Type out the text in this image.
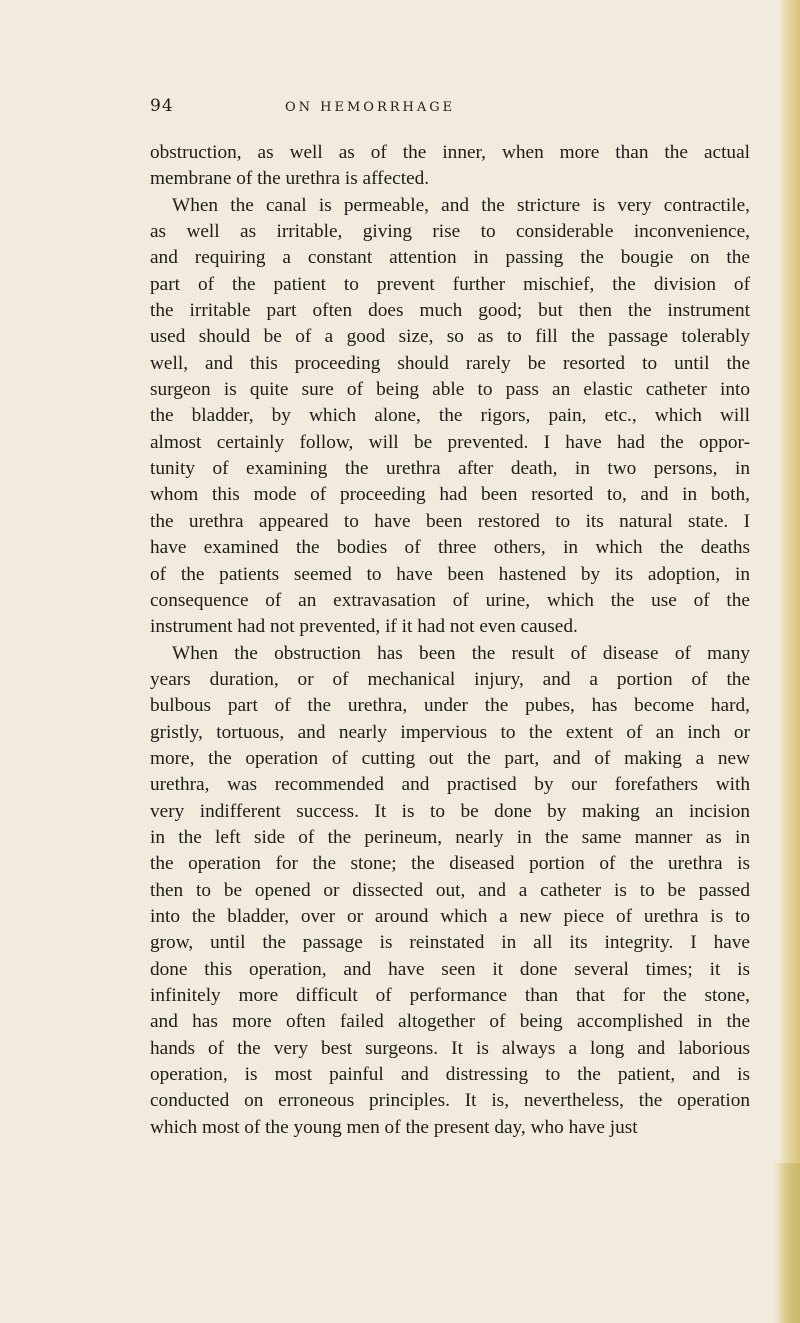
94	ON HEMORRHAGE
obstruction, as well as of the inner, when more than the actual
membrane of the urethra is affected.
When the canal is permeable, and the stricture is very contractile,
as well as irritable, giving rise to considerable inconvenience,
and requiring a constant attention in passing the bougie on the
part of the patient to prevent further mischief, the division of
the irritable part often does much good; but then the instrument
used should be of a good size, so as to fill the passage tolerably
well, and this proceeding should rarely be resorted to until the
surgeon is quite sure of being able to pass an elastic catheter into
the bladder, by which alone, the rigors, pain, etc., which will
almost certainly follow, will be prevented. I have had the oppor-
tunity of examining the urethra after death, in two persons, in
whom this mode of proceeding had been resorted to, and in both,
the urethra appeared to have been restored to its natural state. I
have examined the bodies of three others, in which the deaths
of the patients seemed to have been hastened by its adoption, in
consequence of an extravasation of urine, which the use of the
instrument had not prevented, if it had not even caused.
When the obstruction has been the result of disease of many
years duration, or of mechanical injury, and a portion of the
bulbous part of the urethra, under the pubes, has become hard,
gristly, tortuous, and nearly impervious to the extent of an inch or
more, the operation of cutting out the part, and of making a new
urethra, was recommended and practised by our forefathers with
very indifferent success. It is to be done by making an incision
in the left side of the perineum, nearly in the same manner as in
the operation for the stone; the diseased portion of the urethra is
then to be opened or dissected out, and a catheter is to be passed
into the bladder, over or around which a new piece of urethra is to
grow, until the passage is reinstated in all its integrity. I have
done this operation, and have seen it done several times; it is
infinitely more difficult of performance than that for the stone,
and has more often failed altogether of being accomplished in the
hands of the very best surgeons. It is always a long and laborious
operation, is most painful and distressing to the patient, and is
conducted on erroneous principles. It is, nevertheless, the operation
which most of the young men of the present day, who have just
